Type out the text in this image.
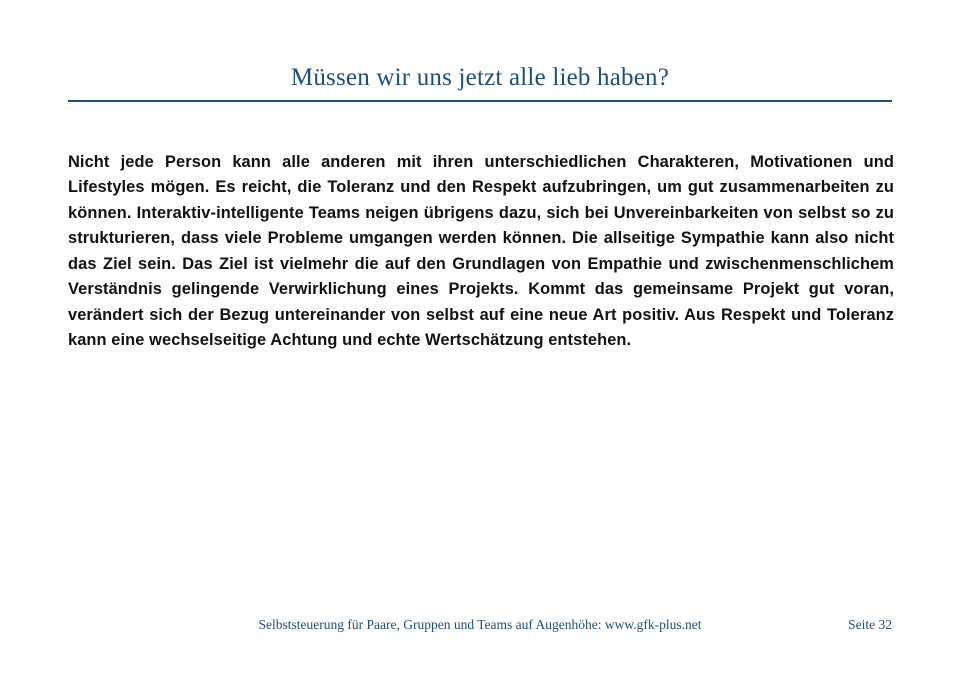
Müssen wir uns jetzt alle lieb haben?
Nicht jede Person kann alle anderen mit ihren unterschiedlichen Charakteren, Motivationen und Lifestyles mögen. Es reicht, die Toleranz und den Respekt aufzubringen, um gut zusammenarbeiten zu können. Interaktiv-intelligente Teams neigen übrigens dazu, sich bei Unvereinbarkeiten von selbst so zu strukturieren, dass viele Probleme umgangen werden können. Die allseitige Sympathie kann also nicht das Ziel sein. Das Ziel ist vielmehr die auf den Grundlagen von Empathie und zwischenmenschlichem Verständnis gelingende Verwirklichung eines Projekts. Kommt das gemeinsame Projekt gut voran, verändert sich der Bezug untereinander von selbst auf eine neue Art positiv. Aus Respekt und Toleranz kann eine wechselseitige Achtung und echte Wertschätzung entstehen.
Selbststeuerung für Paare, Gruppen und Teams auf Augenhöhe: www.gfk-plus.net	Seite 32
